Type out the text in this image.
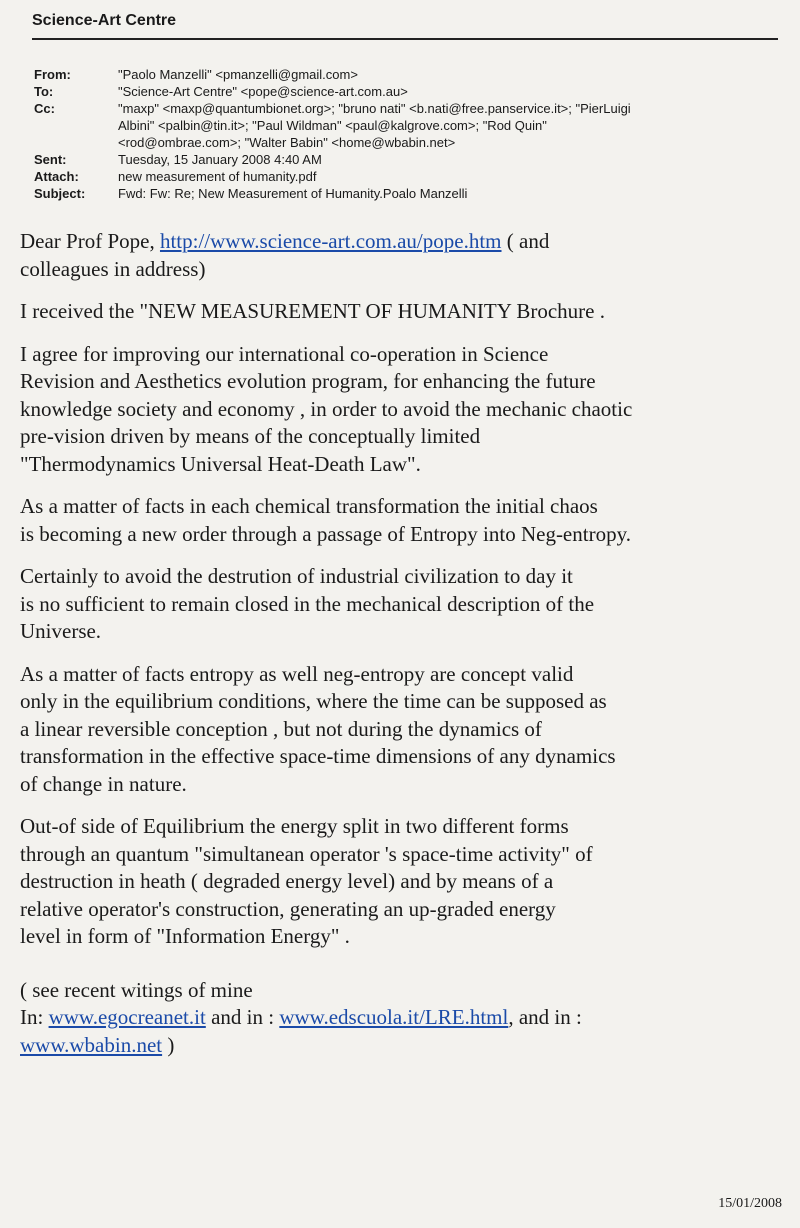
Science-Art Centre
From:	"Paolo Manzelli" <pmanzelli@gmail.com>
To:	"Science-Art Centre" <pope@science-art.com.au>
Cc:	"maxp" <maxp@quantumbionet.org>; "bruno nati" <b.nati@free.panservice.it>; "PierLuigi
Albini" <palbin@tin.it>; "Paul Wildman" <paul@kalgrove.com>; "Rod Quin"
<rod@ombrae.com>; "Walter Babin" <home@wbabin.net>
Sent:	Tuesday, 15 January 2008 4:40 AM
Attach:	new measurement of humanity.pdf
Subject:	Fwd: Fw: Re; New Measurement of Humanity.Poalo Manzelli

Dear Prof Pope, http://www.science-art.com.au/pope.htm ( and
colleagues in address)

I received the "NEW MEASUREMENT OF HUMANITY Brochure .

I agree for improving our international co-operation in Science
Revision and Aesthetics evolution program, for enhancing the future
knowledge society and economy , in order to avoid the mechanic chaotic
pre-vision driven by means of the conceptually limited
"Thermodynamics Universal Heat-Death Law".

As a matter of facts in each chemical transformation the initial chaos
is becoming a new order through a passage of Entropy into Neg-entropy.

Certainly to avoid the destrution of industrial civilization to day it
is no sufficient to remain closed in the mechanical description of the
Universe.

As a matter of facts entropy as well neg-entropy are concept valid
only in the equilibrium conditions, where the time can be supposed as
a linear reversible conception , but not during the dynamics of
transformation in the effective space-time dimensions of any dynamics
of change in nature.

Out-of side of Equilibrium the energy split in two different forms
through an quantum "simultanean operator 's space-time activity" of
destruction in heath ( degraded energy level) and by means of a
relative operator's construction, generating an up-graded energy
level in form of "Information Energy" .

( see recent witings of mine
In: www.egocreanet.it and in : www.edscuola.it/LRE.html, and in :
www.wbabin.net )

15/01/2008
